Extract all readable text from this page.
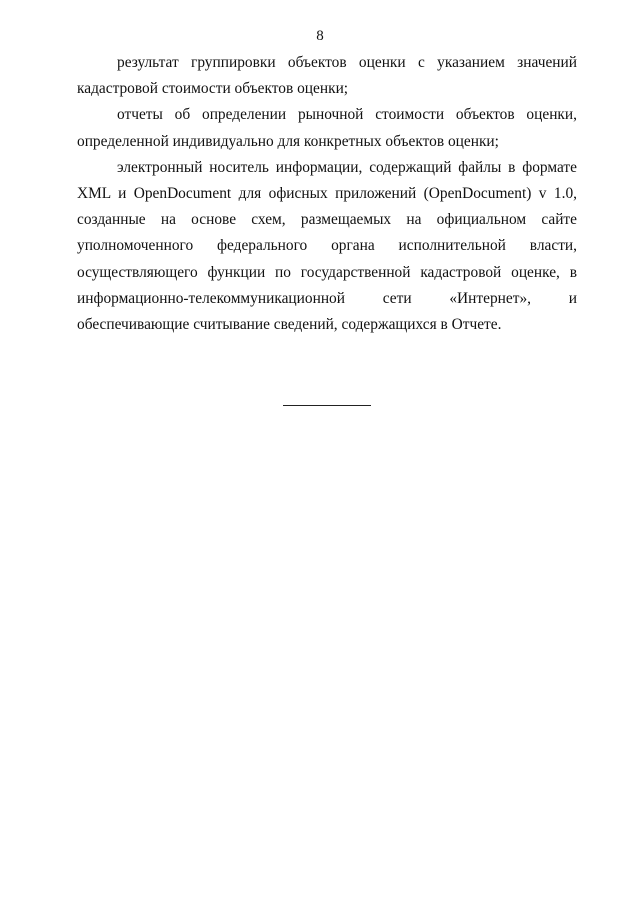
8

результат группировки объектов оценки с указанием значений кадастровой стоимости объектов оценки;

отчеты об определении рыночной стоимости объектов оценки, определенной индивидуально для конкретных объектов оценки;

электронный носитель информации, содержащий файлы в формате XML и OpenDocument для офисных приложений (OpenDocument) v 1.0, созданные на основе схем, размещаемых на официальном сайте уполномоченного федерального органа исполнительной власти, осуществляющего функции по государственной кадастровой оценке, в информационно-телекоммуникационной сети «Интернет», и обеспечивающие считывание сведений, содержащихся в Отчете.
